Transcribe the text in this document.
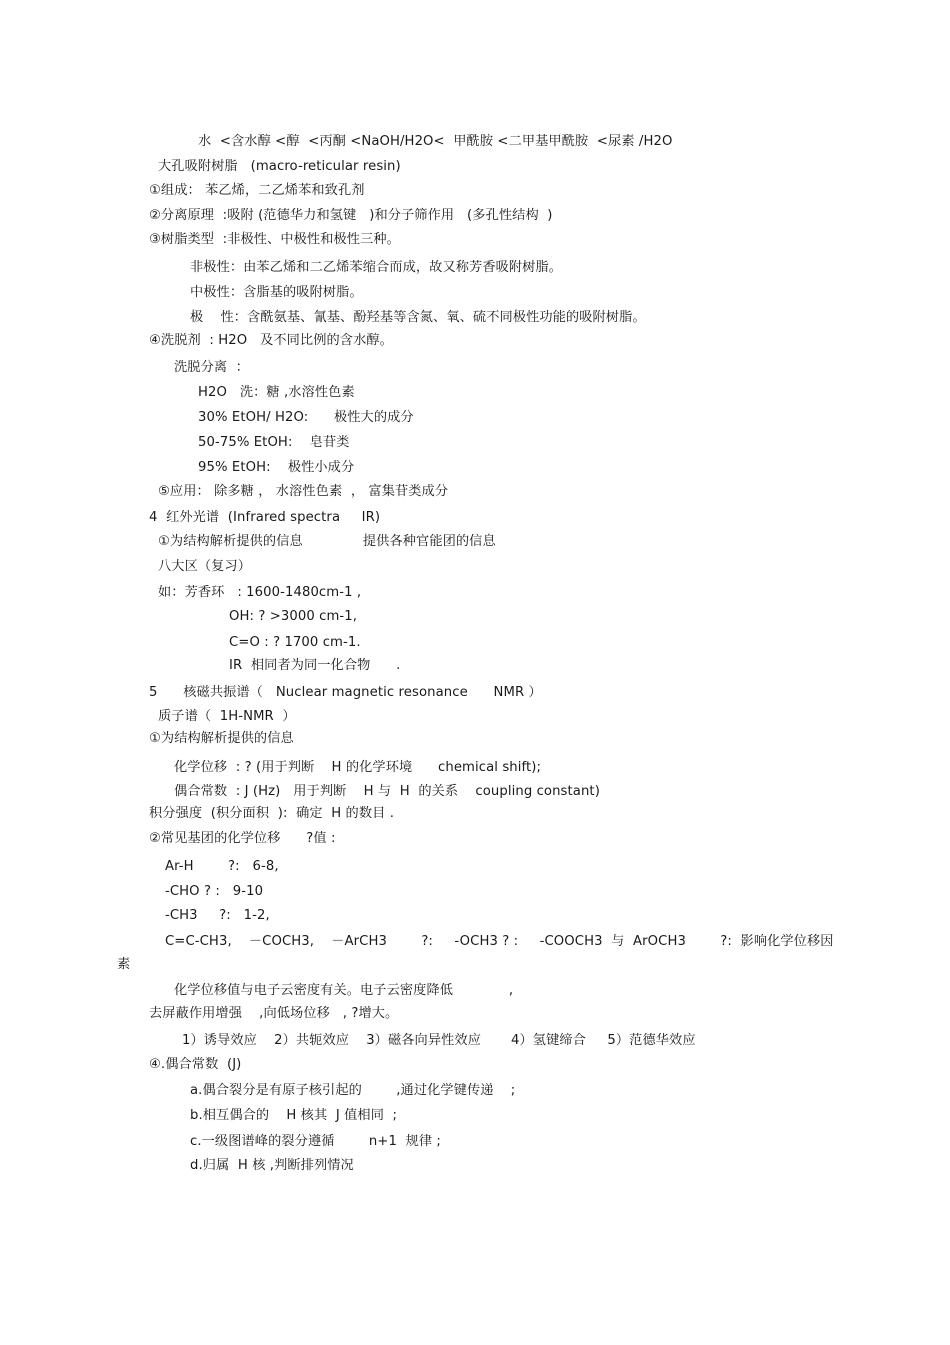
水  <含水醇 <醇  <丙酮 <NaOH/H2O<  甲酰胺 <二甲基甲酰胺  <尿素 /H2O
大孔吸附树脂   (macro-reticular resin)
①组成： 苯乙烯，二乙烯苯和致孔剂
②分离原理  :吸附 (范德华力和氢键   )和分子筛作用   (多孔性结构  )
③树脂类型  :非极性、中极性和极性三种。
非极性：由苯乙烯和二乙烯苯缩合而成，故又称芳香吸附树脂。
中极性：含脂基的吸附树脂。
极    性：含酰氨基、氰基、酚羟基等含氮、氧、硫不同极性功能的吸附树脂。
④洗脱剂  : H2O   及不同比例的含水醇。
洗脱分离  ：
H2O   洗：糖 ,水溶性色素
30% EtOH/ H2O:      极性大的成分
50-75% EtOH:    皂苷类
95% EtOH:    极性小成分
⑤应用： 除多糖 ， 水溶性色素  ， 富集苷类成分
4  红外光谱  (Infrared spectra     IR)
①为结构解析提供的信息              提供各种官能团的信息
八大区（复习）
如：芳香环   : 1600-1480cm-1 ,
OH: ? >3000 cm-1,
C=O : ? 1700 cm-1.
IR  相同者为同一化合物      .
5      核磁共振谱（   Nuclear magnetic resonance      NMR ）
质子谱（  1H-NMR  ）
①为结构解析提供的信息
化学位移  : ? (用于判断    H 的化学环境      chemical shift);
偶合常数  : J (Hz)   用于判断    H 与  H  的关系    coupling constant)
积分强度  (积分面积  ):  确定  H 的数目 .
②常见基团的化学位移      ?值 :
Ar-H        ?:   6-8,
-CHO ? :   9-10
-CH3     ?:   1-2,
C=C-CH3,    －COCH3,    －ArCH3        ?:     -OCH3 ? :     -COOCH3  与  ArOCH3        ?:  影响化学位移因
素
化学位移值与电子云密度有关。电子云密度降低             ,
去屏蔽作用增强    ,向低场位移   , ?增大。
1）诱导效应    2）共轭效应    3）磁各向异性效应       4）氢键缔合     5）范德华效应
④.偶合常数  (J)
a.偶合裂分是有原子核引起的        ,通过化学键传递    ;
b.相互偶合的    H 核其  J 值相同  ;
c.一级图谱峰的裂分遵循        n+1  规律 ;
d.归属  H 核 ,判断排列情况
